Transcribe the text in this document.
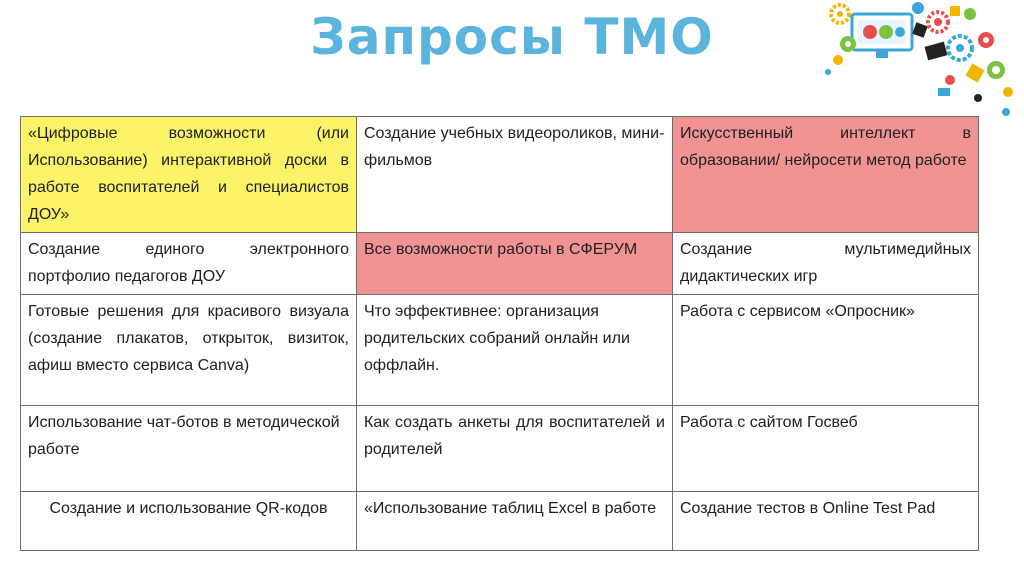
Запросы ТМО
«Цифровые возможности (или Использование) интерактивной доски в работе воспитателей и специалистов ДОУ»	Создание учебных видеороликов, мини-фильмов	Искусственный интеллект в образовании/ нейросети метод работе
Создание единого электронного портфолио педагогов ДОУ	Все возможности работы в СФЕРУМ	Создание мультимедийных дидактических игр
Готовые решения для красивого визуала (создание плакатов, открыток, визиток, афиш вместо сервиса Canva)	Что эффективнее: организация родительских собраний онлайн или оффлайн.	Работа с сервисом «Опросник»
Использование чат-ботов в методической работе	Как создать анкеты для воспитателей и родителей	Работа с сайтом Госвеб
Создание и использование QR-кодов	«Использование таблиц Excel в работе	Создание тестов в Online Test Pad
